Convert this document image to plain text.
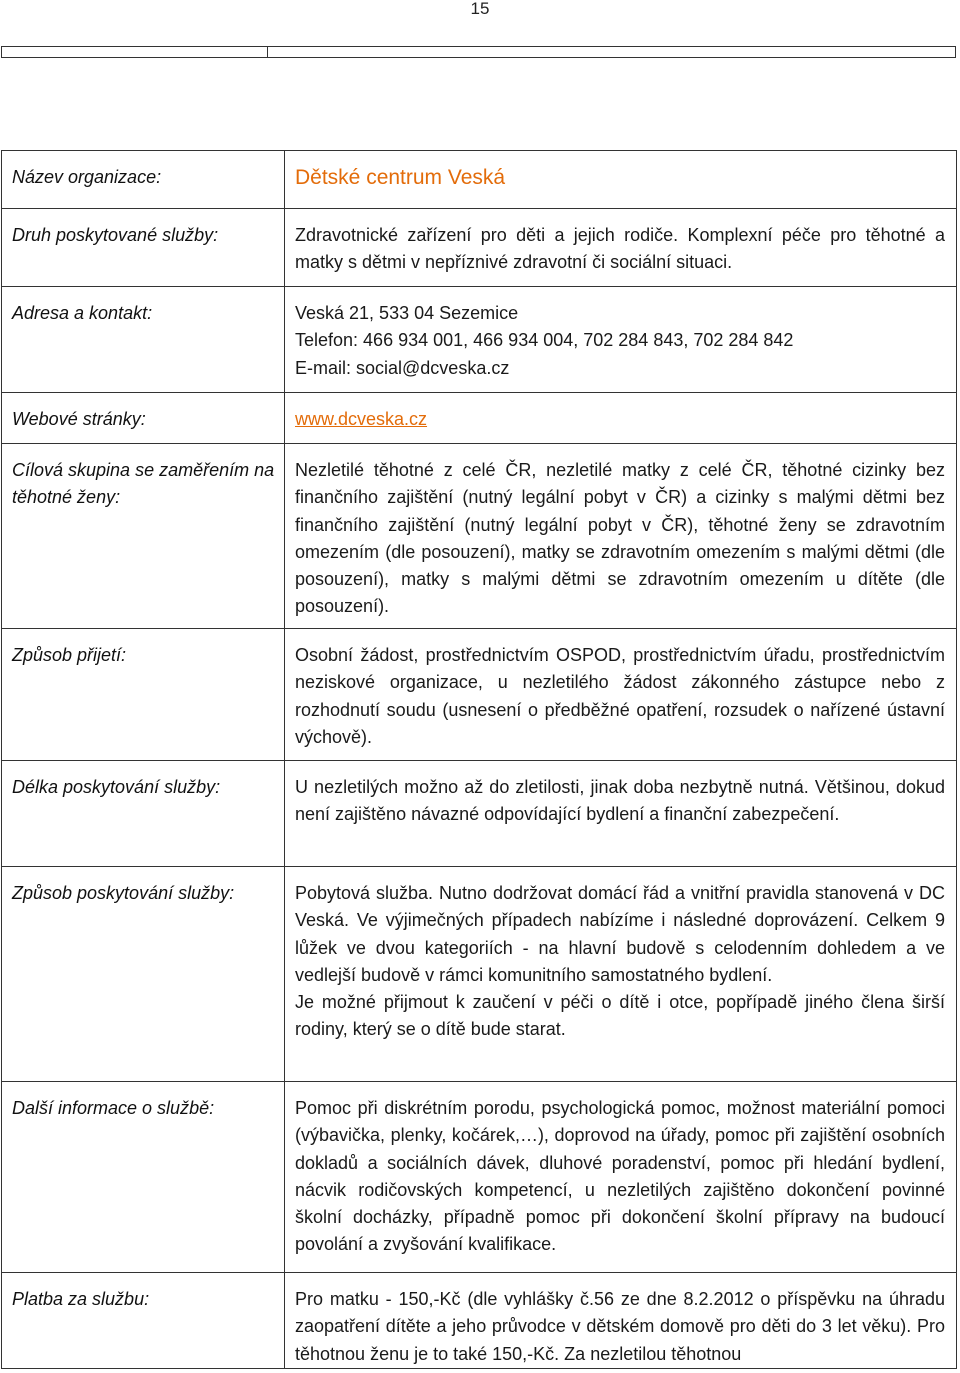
15
Název organizace:	Dětské centrum Veská
Druh poskytované služby:	Zdravotnické zařízení pro děti a jejich rodiče. Komplexní péče pro těhotné a matky s dětmi v nepříznivé zdravotní či sociální situaci.
Adresa a kontakt:	Veská 21, 533 04 Sezemice
Telefon: 466 934 001, 466 934 004, 702 284 843, 702 284 842
E-mail: social@dcveska.cz

Webové stránky:	www.dcveska.cz
Cílová skupina se zaměřením na těhotné ženy:	Nezletilé těhotné z celé ČR, nezletilé matky z celé ČR, těhotné cizinky bez finančního zajištění (nutný legální pobyt v ČR) a cizinky s malými dětmi bez finančního zajištění (nutný legální pobyt v ČR), těhotné ženy se zdravotním omezením (dle posouzení), matky se zdravotním omezením s malými dětmi (dle posouzení), matky s malými dětmi se zdravotním omezením u dítěte (dle posouzení).
Způsob přijetí:	Osobní žádost, prostřednictvím OSPOD, prostřednictvím úřadu, prostřednictvím neziskové organizace, u nezletilého žádost zákonného zástupce nebo z rozhodnutí soudu (usnesení o předběžné opatření, rozsudek o nařízené ústavní výchově).
Délka poskytování služby:	U nezletilých možno až do zletilosti, jinak doba nezbytně nutná. Většinou, dokud není zajištěno návazné odpovídající bydlení a finanční zabezpečení.
Způsob poskytování služby:	Pobytová služba. Nutno dodržovat domácí řád a vnitřní pravidla stanovená v DC Veská. Ve výjimečných případech nabízíme i následné doprovázení. Celkem 9 lůžek ve dvou kategoriích - na hlavní budově s celodenním dohledem a ve vedlejší budově v rámci komunitního samostatného bydlení.
Je možné přijmout k zaučení v péči o dítě i otce, popřípadě jiného člena širší rodiny, který se o dítě bude starat.

Další informace o službě:	Pomoc při diskrétním porodu, psychologická pomoc, možnost materiální pomoci (výbavička, plenky, kočárek,…), doprovod na úřady, pomoc při zajištění osobních dokladů a sociálních dávek, dluhové poradenství, pomoc při hledání bydlení, nácvik rodičovských kompetencí, u nezletilých zajištěno dokončení povinné školní docházky, případně pomoc při dokončení školní přípravy na budoucí povolání a zvyšování kvalifikace.
Platba za službu:	Pro matku - 150,-Kč (dle vyhlášky č.56 ze dne 8.2.2012 o příspěvku na úhradu zaopatření dítěte a jeho průvodce v dětském domově pro děti do 3 let věku). Pro těhotnou ženu je to také 150,-Kč. Za nezletilou těhotnou
